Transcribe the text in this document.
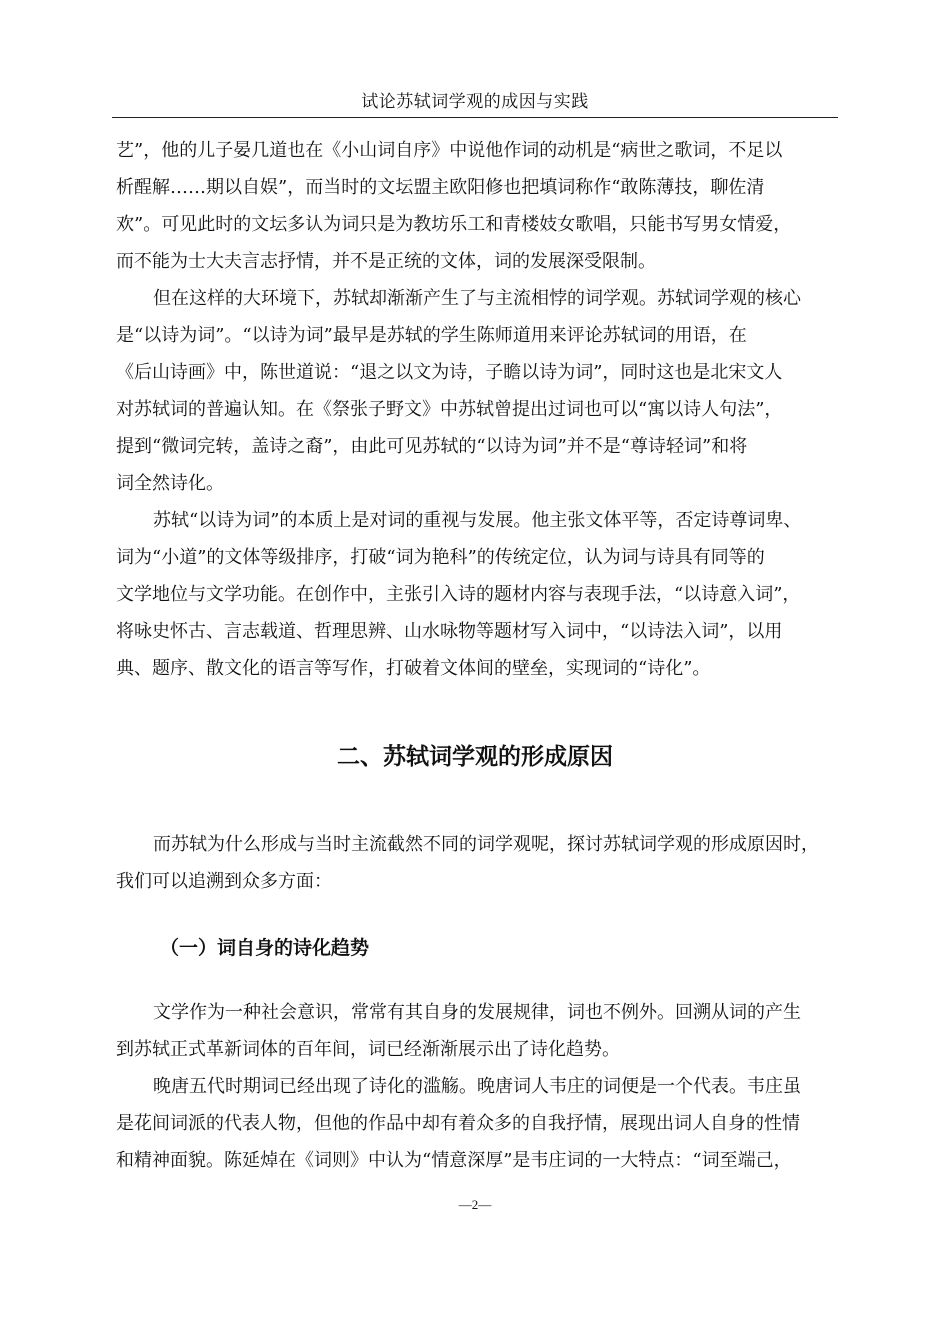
试论苏轼词学观的成因与实践
艺”，他的儿子晏几道也在《小山词自序》中说他作词的动机是“病世之歌词，不足以
析酲解……期以自娱”，而当时的文坛盟主欧阳修也把填词称作“敢陈薄技，聊佐清
欢”。可见此时的文坛多认为词只是为教坊乐工和青楼妓女歌唱，只能书写男女情爱，
而不能为士大夫言志抒情，并不是正统的文体，词的发展深受限制。
但在这样的大环境下，苏轼却渐渐产生了与主流相悖的词学观。苏轼词学观的核心
是“以诗为词”。“以诗为词”最早是苏轼的学生陈师道用来评论苏轼词的用语，在
《后山诗画》中，陈世道说：“退之以文为诗，子瞻以诗为词”，同时这也是北宋文人
对苏轼词的普遍认知。在《祭张子野文》中苏轼曾提出过词也可以“寓以诗人句法”，
提到“微词完转，盖诗之裔”，由此可见苏轼的“以诗为词”并不是“尊诗轻词”和将
词全然诗化。
苏轼“以诗为词”的本质上是对词的重视与发展。他主张文体平等，否定诗尊词卑、
词为“小道”的文体等级排序，打破“词为艳科”的传统定位，认为词与诗具有同等的
文学地位与文学功能。在创作中，主张引入诗的题材内容与表现手法，“以诗意入词”，
将咏史怀古、言志载道、哲理思辨、山水咏物等题材写入词中，“以诗法入词”，以用
典、题序、散文化的语言等写作，打破着文体间的壁垒，实现词的“诗化”。
二、苏轼词学观的形成原因
而苏轼为什么形成与当时主流截然不同的词学观呢，探讨苏轼词学观的形成原因时，
我们可以追溯到众多方面：
（一）词自身的诗化趋势
文学作为一种社会意识，常常有其自身的发展规律，词也不例外。回溯从词的产生
到苏轼正式革新词体的百年间，词已经渐渐展示出了诗化趋势。
晚唐五代时期词已经出现了诗化的滥觞。晚唐词人韦庄的词便是一个代表。韦庄虽
是花间词派的代表人物，但他的作品中却有着众多的自我抒情，展现出词人自身的性情
和精神面貌。陈延焯在《词则》中认为“情意深厚”是韦庄词的一大特点：“词至端己，
—2—
